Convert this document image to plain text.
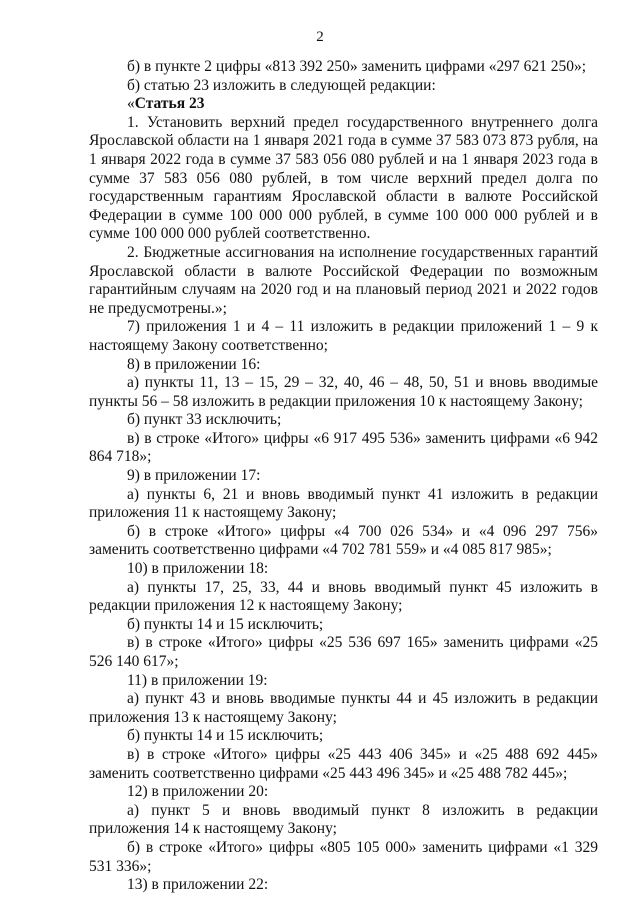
2

б) в пункте 2 цифры «813 392 250» заменить цифрами «297 621 250»;

б) статью 23 изложить в следующей редакции:

«Статья 23

1. Установить верхний предел государственного внутреннего долга Ярославской области на 1 января 2021 года в сумме 37 583 073 873 рубля, на 1 января 2022 года в сумме 37 583 056 080 рублей и на 1 января 2023 года в сумме 37 583 056 080 рублей, в том числе верхний предел долга по государственным гарантиям Ярославской области в валюте Российской Федерации в сумме 100 000 000 рублей, в сумме 100 000 000 рублей и в сумме 100 000 000 рублей соответственно.

2. Бюджетные ассигнования на исполнение государственных гарантий Ярославской области в валюте Российской Федерации по возможным гарантийным случаям на 2020 год и на плановый период 2021 и 2022 годов не предусмотрены.»;

7) приложения 1 и 4 – 11 изложить в редакции приложений 1 – 9 к настоящему Закону соответственно;

8) в приложении 16:

а) пункты 11, 13 – 15, 29 – 32, 40, 46 – 48, 50, 51 и вновь вводимые пункты 56 – 58 изложить в редакции приложения 10 к настоящему Закону;

б) пункт 33 исключить;

в) в строке «Итого» цифры «6 917 495 536» заменить цифрами «6 942 864 718»;

9) в приложении 17:

а) пункты 6, 21 и вновь вводимый пункт 41 изложить в редакции приложения 11 к настоящему Закону;

б) в строке «Итого» цифры «4 700 026 534» и «4 096 297 756» заменить соответственно цифрами «4 702 781 559» и «4 085 817 985»;

10) в приложении 18:

а) пункты 17, 25, 33, 44 и вновь вводимый пункт 45 изложить в редакции приложения 12 к настоящему Закону;

б) пункты 14 и 15 исключить;

в) в строке «Итого» цифры «25 536 697 165» заменить цифрами «25 526 140 617»;

11) в приложении 19:

а) пункт 43 и вновь вводимые пункты 44 и 45 изложить в редакции приложения 13 к настоящему Закону;

б) пункты 14 и 15 исключить;

в) в строке «Итого» цифры «25 443 406 345» и «25 488 692 445» заменить соответственно цифрами «25 443 496 345» и «25 488 782 445»;

12) в приложении 20:

а) пункт 5 и вновь вводимый пункт 8 изложить в редакции приложения 14 к настоящему Закону;

б) в строке «Итого» цифры «805 105 000» заменить цифрами «1 329 531 336»;

13) в приложении 22:
